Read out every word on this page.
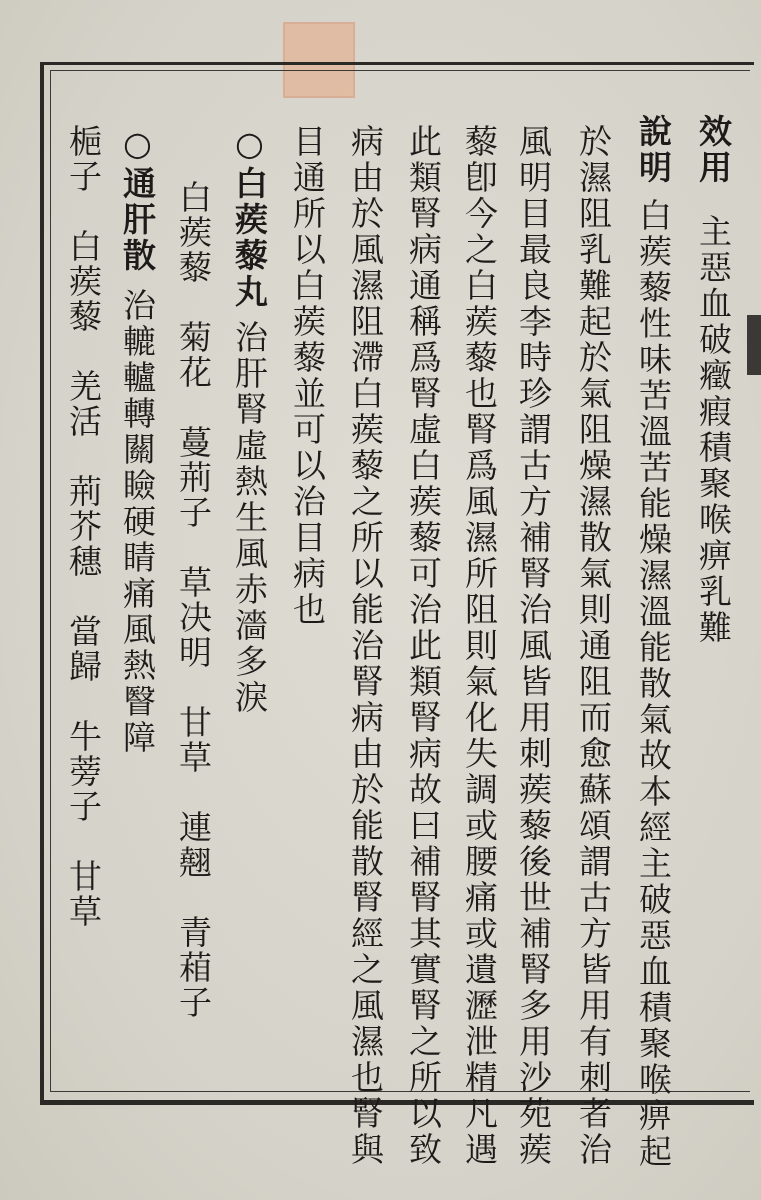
效用主惡血破癥瘕積聚喉痹乳難
說明白蒺藜性味苦溫苦能燥濕溫能散氣故本經主破惡血積聚喉痹起
於濕阻乳難起於氣阻燥濕散氣則通阻而愈蘇頌謂古方皆用有刺者治
風明目最良李時珍謂古方補腎治風皆用刺蒺藜後世補腎多用沙苑蒺
藜卽今之白蒺藜也腎爲風濕所阻則氣化失調或腰痛或遺瀝泄精凡遇
此類腎病通稱爲腎虛白蒺藜可治此類腎病故曰補腎其實腎之所以致
病由於風濕阻滯白蒺藜之所以能治腎病由於能散腎經之風濕也腎與
目通所以白蒺藜並可以治目病也
○白蒺藜丸治肝腎虛熱生風赤濇多淚
白蒺藜　菊花　蔓荊子　草决明　甘草　連翹　青葙子
○通肝散治轆轤轉關瞼硬睛痛風熱瞖障
梔子　白蒺藜　羌活　荊芥穗　當歸　牛蒡子　甘草
